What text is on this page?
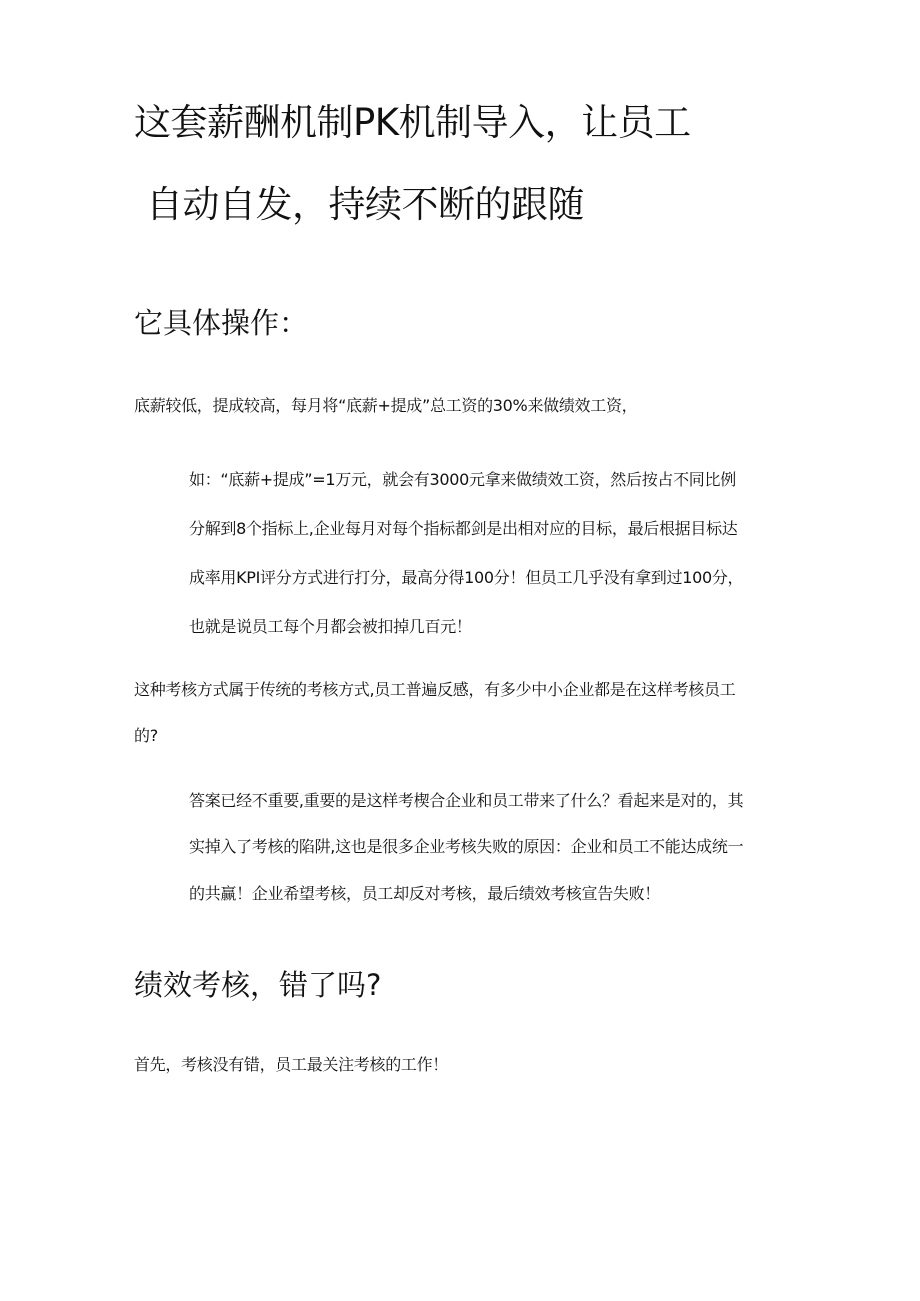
这套薪酬机制PK机制导入，让员工
自动自发，持续不断的跟随
它具体操作：
底薪较低，提成较高，每月将“底薪+提成”总工资的30%来做绩效工资，
如：“底薪+提成”=1万元，就会有3000元拿来做绩效工资，然后按占不同比例
分解到8个指标上,企业每月对每个指标都剑是出相对应的目标，最后根据目标达
成率用KPI评分方式进行打分，最高分得100分！但员工几乎没有拿到过100分，
也就是说员工每个月都会被扣掉几百元！
这种考核方式属于传统的考核方式,员工普遍反感，有多少中小企业都是在这样考核员工
的?
答案已经不重要,重要的是这样考楔合企业和员工带来了什么？看起来是对的，其
实掉入了考核的陷阱,这也是很多企业考核失败的原因：企业和员工不能达成统一
的共赢！企业希望考核，员工却反对考核，最后绩效考核宣告失败！
绩效考核，错了吗?
首先，考核没有错，员工最关注考核的工作！
